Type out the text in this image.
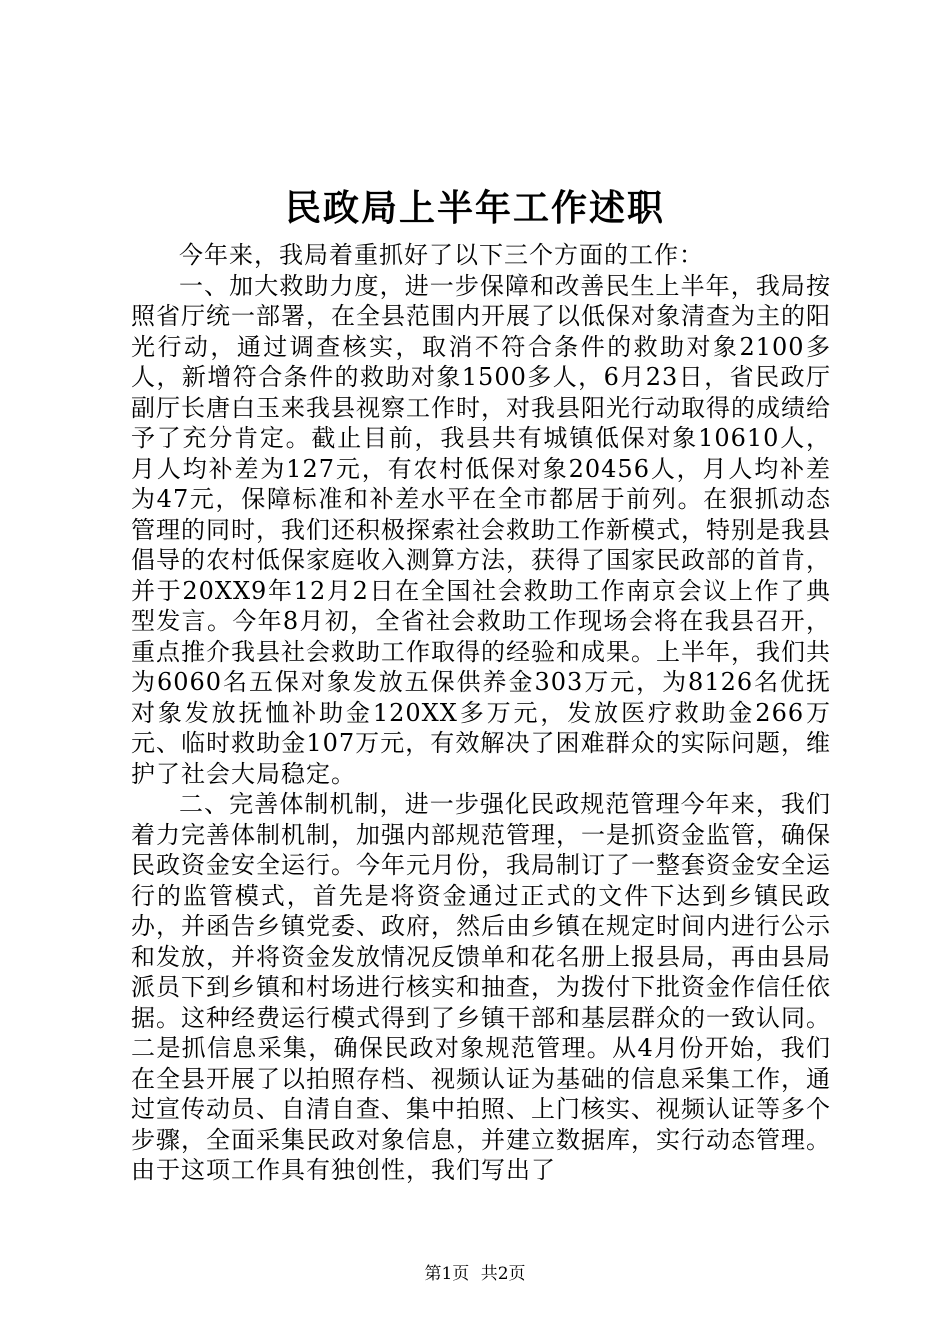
民政局上半年工作述职

今年来，我局着重抓好了以下三个方面的工作：

一、加大救助力度，进一步保障和改善民生上半年，我局按照省厅统一部署，在全县范围内开展了以低保对象清查为主的阳光行动，通过调查核实，取消不符合条件的救助对象2100多人，新增符合条件的救助对象1500多人，6月23日，省民政厅副厅长唐白玉来我县视察工作时，对我县阳光行动取得的成绩给予了充分肯定。截止目前，我县共有城镇低保对象10610人，月人均补差为127元，有农村低保对象20456人，月人均补差为47元，保障标准和补差水平在全市都居于前列。在狠抓动态管理的同时，我们还积极探索社会救助工作新模式，特别是我县倡导的农村低保家庭收入测算方法，获得了国家民政部的首肯，并于20XX9年12月2日在全国社会救助工作南京会议上作了典型发言。今年8月初，全省社会救助工作现场会将在我县召开，重点推介我县社会救助工作取得的经验和成果。上半年，我们共为6060名五保对象发放五保供养金303万元，为8126名优抚对象发放抚恤补助金120XX多万元，发放医疗救助金266万元、临时救助金107万元，有效解决了困难群众的实际问题，维护了社会大局稳定。

二、完善体制机制，进一步强化民政规范管理今年来，我们着力完善体制机制，加强内部规范管理，一是抓资金监管，确保民政资金安全运行。今年元月份，我局制订了一整套资金安全运行的监管模式，首先是将资金通过正式的文件下达到乡镇民政办，并函告乡镇党委、政府，然后由乡镇在规定时间内进行公示和发放，并将资金发放情况反馈单和花名册上报县局，再由县局派员下到乡镇和村场进行核实和抽查，为拨付下批资金作信任依据。这种经费运行模式得到了乡镇干部和基层群众的一致认同。二是抓信息采集，确保民政对象规范管理。从4月份开始，我们在全县开展了以拍照存档、视频认证为基础的信息采集工作，通过宣传动员、自清自查、集中拍照、上门核实、视频认证等多个步骤，全面采集民政对象信息，并建立数据库，实行动态管理。由于这项工作具有独创性，我们写出了

第1页 共2页
